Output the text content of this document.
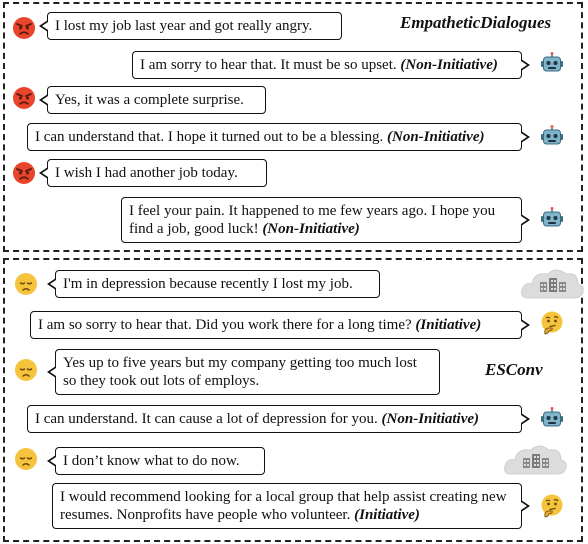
EmpatheticDialogues
I lost my job last year and got really angry.
I am sorry to hear that. It must be so upset. (Non-Initiative)
Yes, it was a complete surprise.
I can understand that. I hope it turned out to be a blessing. (Non-Initiative)
I wish I had another job today.
I feel your pain. It happened to me few years ago. I hope you find a job, good luck! (Non-Initiative)
ESConv
I'm in depression because recently I lost my job.
I am so sorry to hear that. Did you work there for a long time? (Initiative)
Yes up to five years but my company getting too much lost so they took out lots of employs.
I can understand. It can cause a lot of depression for you. (Non-Initiative)
I don’t know what to do now.
I would recommend looking for a local group that help assist creating new resumes. Nonprofits have people who volunteer. (Initiative)
